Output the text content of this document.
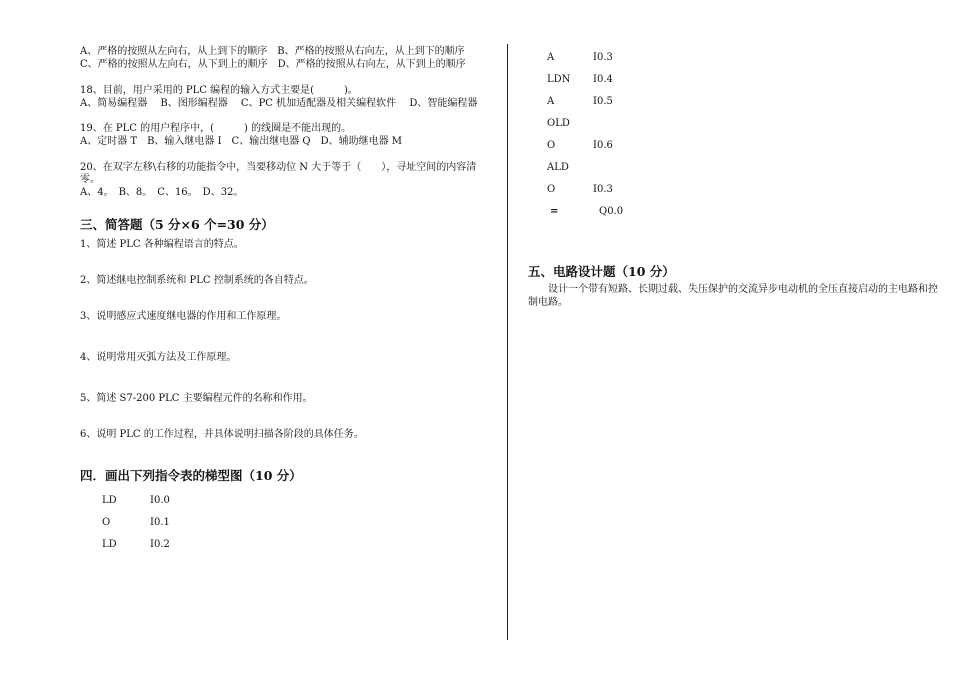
A、严格的按照从左向右，从上到下的顺序　B、严格的按照从右向左，从上到下的顺序　C、严格的按照从左向右，从下到上的顺序　D、严格的按照从右向左，从下到上的顺序

18、目前，用户采用的 PLC 编程的输入方式主要是(　　　)。

A、简易编程器　 B、图形编程器　 C、PC 机加适配器及相关编程软件　 D、智能编程器

19、在 PLC 的用户程序中，(　　　) 的线圈是不能出现的。

A、定时器 T　B、输入继电器 I　C、输出继电器 Q　D、辅助继电器 M

20、在双字左移\右移的功能指令中，当要移动位 N 大于等于（　　），寻址空间的内容清零。

A、4。　B、8。　C、16。　D、32。

三、简答题（5 分×6 个=30 分）
1、简述 PLC 各种编程语言的特点。
2、简述继电控制系统和 PLC 控制系统的各自特点。
3、说明感应式速度继电器的作用和工作原理。
4、说明常用灭弧方法及工作原理。
5、简述 S7-200 PLC 主要编程元件的名称和作用。
6、说明 PLC 的工作过程，并具体说明扫描各阶段的具体任务。
四．画出下列指令表的梯型图（10 分）
LD	I0.0
O	I0.1
LD	I0.2
A	I0.3
LDN	I0.4
A	I0.5
OLD
O	I0.6
ALD
O	I0.3
=	Q0.0
五、电路设计题（10 分）

设计一个带有短路、长期过载、失压保护的交流异步电动机的全压直接启动的主电路和控制电路。
